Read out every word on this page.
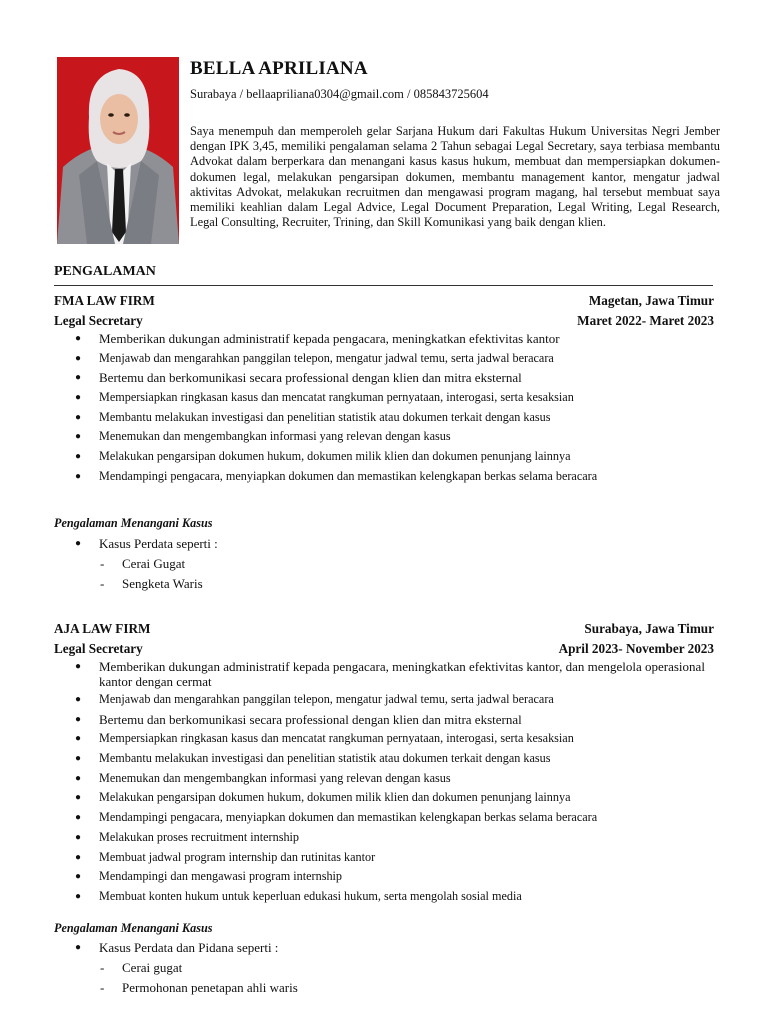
BELLA APRILIANA
Surabaya / bellaapriliana0304@gmail.com / 085843725604
Saya menempuh dan memperoleh gelar Sarjana Hukum dari Fakultas Hukum Universitas Negri Jember dengan IPK 3,45, memiliki pengalaman selama 2 Tahun sebagai Legal Secretary, saya terbiasa membantu Advokat dalam berperkara dan menangani kasus kasus hukum, membuat dan mempersiapkan dokumen-dokumen legal, melakukan pengarsipan dokumen, membantu management kantor, mengatur jadwal aktivitas Advokat, melakukan recruitmen dan mengawasi program magang, hal tersebut membuat saya memiliki keahlian dalam Legal Advice, Legal Document Preparation, Legal Writing, Legal Research, Legal Consulting, Recruiter, Trining, dan Skill Komunikasi yang baik dengan klien.
PENGALAMAN
FMA LAW FIRM	Magetan, Jawa Timur
Legal Secretary	Maret 2022- Maret 2023
● Memberikan dukungan administratif kepada pengacara, meningkatkan efektivitas kantor
● Menjawab dan mengarahkan panggilan telepon, mengatur jadwal temu, serta jadwal beracara
● Bertemu dan berkomunikasi secara professional dengan klien dan mitra eksternal
● Mempersiapkan ringkasan kasus dan mencatat rangkuman pernyataan, interogasi, serta kesaksian
● Membantu melakukan investigasi dan penelitian statistik atau dokumen terkait dengan kasus
● Menemukan dan mengembangkan informasi yang relevan dengan kasus
● Melakukan pengarsipan dokumen hukum, dokumen milik klien dan dokumen penunjang lainnya
● Mendampingi pengacara, menyiapkan dokumen dan memastikan kelengkapan berkas selama beracara
Pengalaman Menangani Kasus
● Kasus Perdata seperti :
- Cerai Gugat
- Sengketa Waris
AJA LAW FIRM	Surabaya, Jawa Timur
Legal Secretary	April 2023- November 2023
● Memberikan dukungan administratif kepada pengacara, meningkatkan efektivitas kantor, dan mengelola operasional kantor dengan cermat
● Menjawab dan mengarahkan panggilan telepon, mengatur jadwal temu, serta jadwal beracara
● Bertemu dan berkomunikasi secara professional dengan klien dan mitra eksternal
● Mempersiapkan ringkasan kasus dan mencatat rangkuman pernyataan, interogasi, serta kesaksian
● Membantu melakukan investigasi dan penelitian statistik atau dokumen terkait dengan kasus
● Menemukan dan mengembangkan informasi yang relevan dengan kasus
● Melakukan pengarsipan dokumen hukum, dokumen milik klien dan dokumen penunjang lainnya
● Mendampingi pengacara, menyiapkan dokumen dan memastikan kelengkapan berkas selama beracara
● Melakukan proses recruitment internship
● Membuat jadwal program internship dan rutinitas kantor
● Mendampingi dan mengawasi program internship
● Membuat konten hukum untuk keperluan edukasi hukum, serta mengolah sosial media
Pengalaman Menangani Kasus
● Kasus Perdata dan Pidana seperti :
- Cerai gugat
- Permohonan penetapan ahli waris
